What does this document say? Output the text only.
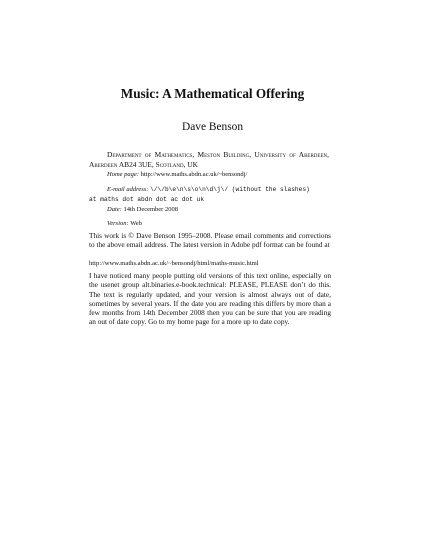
Music: A Mathematical Offering
Dave Benson
Department of Mathematics, Meston Building, University of Aberdeen, Aberdeen AB24 3UE, Scotland, UK
Home page: http://www.maths.abdn.ac.uk/~bensondj/
E-mail address: \/\/b\e\n\s\o\n\d\j\/ (without the slashes)
at maths dot abdn dot ac dot uk
Date: 14th December 2008
Version: Web
This work is © Dave Benson 1995–2008. Please email comments and corrections to the above email address. The latest version in Adobe pdf format can be found at
http://www.maths.abdn.ac.uk/~bensondj/html/maths-music.html
I have noticed many people putting old versions of this text online, especially on the usenet group alt.binaries.e-book.technical: PLEASE, PLEASE don’t do this. The text is regularly updated, and your version is almost always out of date, sometimes by several years. If the date you are reading this differs by more than a few months from 14th December 2008 then you can be sure that you are reading an out of date copy. Go to my home page for a more up to date copy.
